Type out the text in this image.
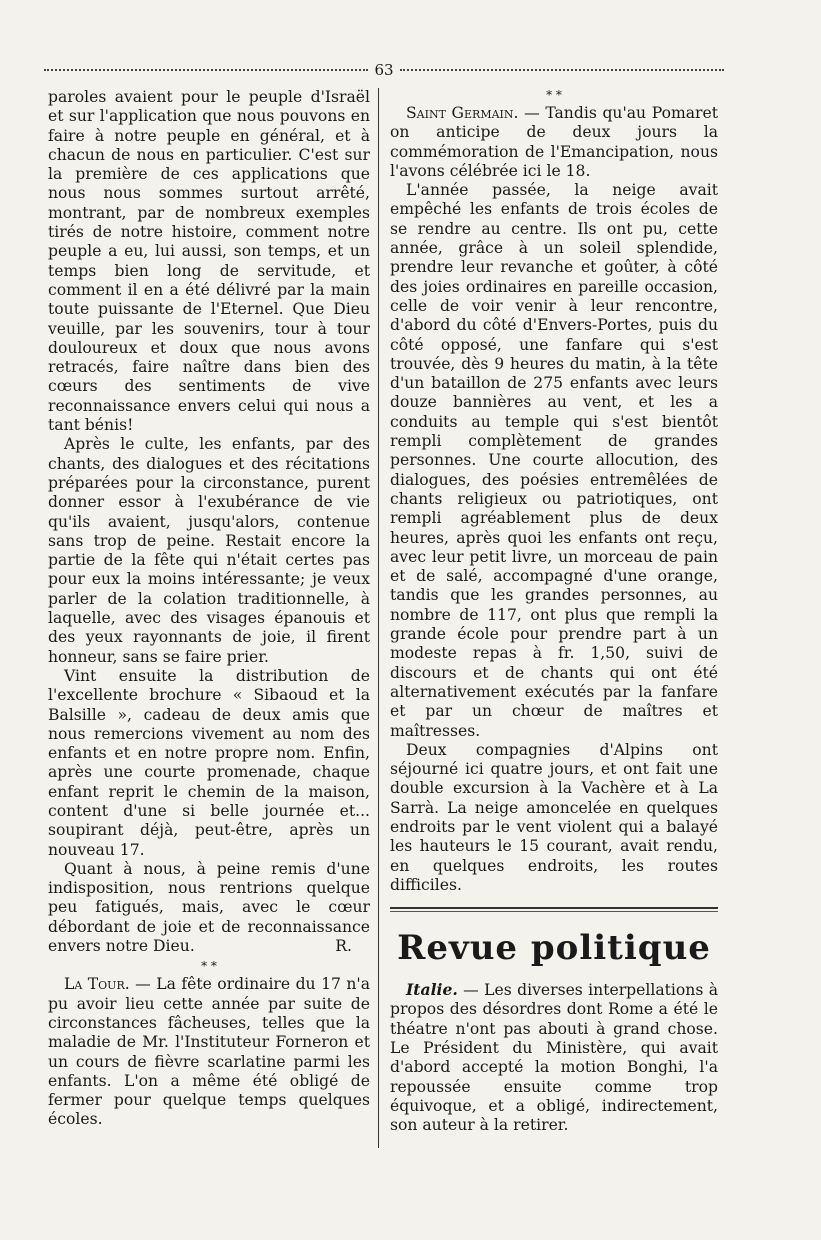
63

paroles avaient pour le peuple d'Israël et sur l'application que nous pouvons en faire à notre peuple en général, et à chacun de nous en particulier. C'est sur la première de ces applications que nous nous sommes surtout arrêté, montrant, par de nombreux exemples tirés de notre histoire, comment notre peuple a eu, lui aussi, son temps, et un temps bien long de servitude, et comment il en a été délivré par la main toute puissante de l'Eternel. Que Dieu veuille, par les souvenirs, tour à tour douloureux et doux que nous avons retracés, faire naître dans bien des cœurs des sentiments de vive reconnaissance envers celui qui nous a tant bénis!

Après le culte, les enfants, par des chants, des dialogues et des récitations préparées pour la circonstance, purent donner essor à l'exubérance de vie qu'ils avaient, jusqu'alors, contenue sans trop de peine. Restait encore la partie de la fête qui n'était certes pas pour eux la moins intéressante; je veux parler de la colation traditionnelle, à laquelle, avec des visages épanouis et des yeux rayonnants de joie, il firent honneur, sans se faire prier.

Vint ensuite la distribution de l'excellente brochure « Sibaoud et la Balsille », cadeau de deux amis que nous remercions vivement au nom des enfants et en notre propre nom. Enfin, après une courte promenade, chaque enfant reprit le chemin de la maison, content d'une si belle journée et... soupirant déjà, peut-être, après un nouveau 17.

Quant à nous, à peine remis d'une indisposition, nous rentrions quelque peu fatigués, mais, avec le cœur débordant de joie et de reconnaissance envers notre Dieu.	R.

* *

La Tour. — La fête ordinaire du 17 n'a pu avoir lieu cette année par suite de circonstances fâcheuses, telles que la maladie de Mr. l'Instituteur Forneron et un cours de fièvre scarlatine parmi les enfants. L'on a même été obligé de fermer pour quelque temps quelques écoles.

* *

Saint Germain. — Tandis qu'au Pomaret on anticipe de deux jours la commémoration de l'Emancipation, nous l'avons célébrée ici le 18.

L'année passée, la neige avait empêché les enfants de trois écoles de se rendre au centre. Ils ont pu, cette année, grâce à un soleil splendide, prendre leur revanche et goûter, à côté des joies ordinaires en pareille occasion, celle de voir venir à leur rencontre, d'abord du côté d'Envers-Portes, puis du côté opposé, une fanfare qui s'est trouvée, dès 9 heures du matin, à la tête d'un bataillon de 275 enfants avec leurs douze bannières au vent, et les a conduits au temple qui s'est bientôt rempli complètement de grandes personnes. Une courte allocution, des dialogues, des poésies entremêlées de chants religieux ou patriotiques, ont rempli agréablement plus de deux heures, après quoi les enfants ont reçu, avec leur petit livre, un morceau de pain et de salé, accompagné d'une orange, tandis que les grandes personnes, au nombre de 117, ont plus que rempli la grande école pour prendre part à un modeste repas à fr. 1,50, suivi de discours et de chants qui ont été alternativement exécutés par la fanfare et par un chœur de maîtres et maîtresses.

Deux compagnies d'Alpins ont séjourné ici quatre jours, et ont fait une double excursion à la Vachère et à La Sarrà. La neige amoncelée en quelques endroits par le vent violent qui a balayé les hauteurs le 15 courant, avait rendu, en quelques endroits, les routes difficiles.

Revue politique

Italie. — Les diverses interpellations à propos des désordres dont Rome a été le théatre n'ont pas abouti à grand chose. Le Président du Ministère, qui avait d'abord accepté la motion Bonghi, l'a repoussée ensuite comme trop équivoque, et a obligé, indirectement, son auteur à la retirer.
